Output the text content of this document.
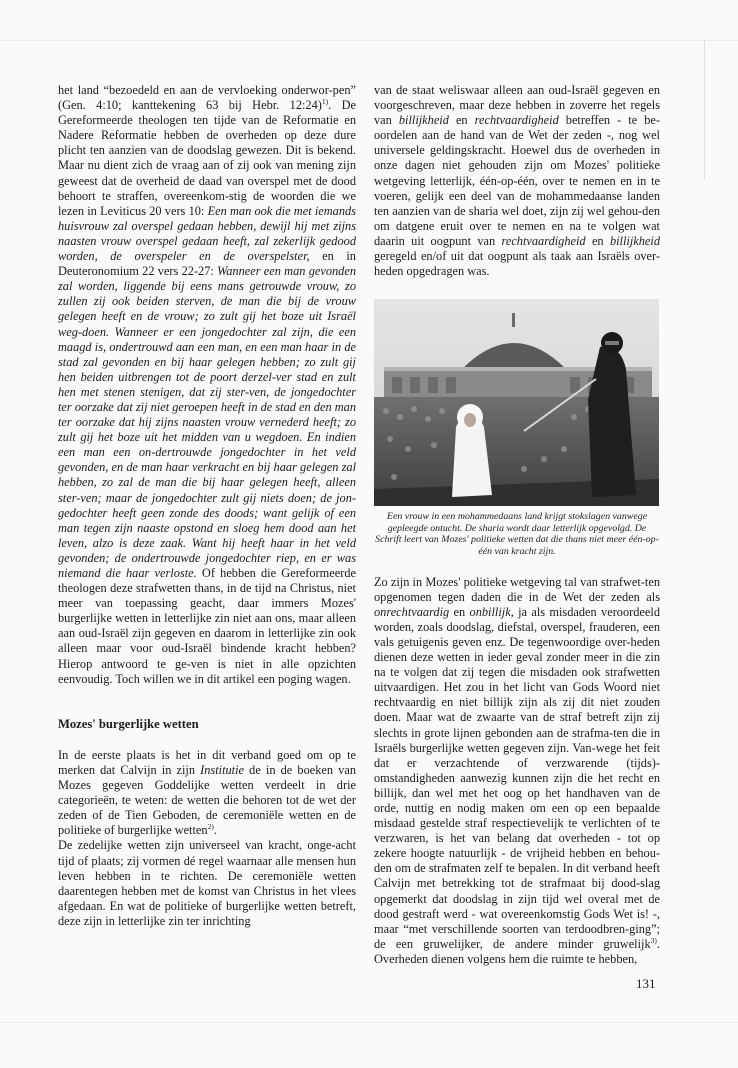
het land “bezoedeld en aan de vervloeking onderwor-pen” (Gen. 4:10; kanttekening 63 bij Hebr. 12:24)$^{1)}$. De Gereformeerde theologen ten tijde van de Reformatie en Nadere Reformatie hebben de overheden op deze dure plicht ten aanzien van de doodslag gewezen. Dit is bekend. Maar nu dient zich de vraag aan of zij ook van mening zijn geweest dat de overheid de daad van overspel met de dood behoort te straffen, overeenkom-stig de woorden die we lezen in Leviticus 20 vers 10: Een man ook die met iemands huisvrouw zal overspel gedaan hebben, dewijl hij met zijns naasten vrouw overspel gedaan heeft, zal zekerlijk gedood worden, de overspeler en de overspelster, en in Deuteronomium 22 vers 22-27: Wanneer een man gevonden zal worden, liggende bij eens mans getrouwde vrouw, zo zullen zij ook beiden sterven, de man die bij de vrouw gelegen heeft en de vrouw; zo zult gij het boze uit Israël weg-doen. Wanneer er een jongedochter zal zijn, die een maagd is, ondertrouwd aan een man, en een man haar in de stad zal gevonden en bij haar gelegen hebben; zo zult gij hen beiden uitbrengen tot de poort derzel-ver stad en zult hen met stenen stenigen, dat zij ster-ven, de jongedochter ter oorzake dat zij niet geroepen heeft in de stad en den man ter oorzake dat hij zijns naasten vrouw vernederd heeft; zo zult gij het boze uit het midden van u wegdoen. En indien een man een on-dertrouwde jongedochter in het veld gevonden, en de man haar verkracht en bij haar gelegen zal hebben, zo zal de man die bij haar gelegen heeft, alleen ster-ven; maar de jongedochter zult gij niets doen; de jon-gedochter heeft geen zonde des doods; want gelijk of een man tegen zijn naaste opstond en sloeg hem dood aan het leven, alzo is deze zaak. Want hij heeft haar in het veld gevonden; de ondertrouwde jongedochter riep, en er was niemand die haar verloste. Of hebben die Gereformeerde theologen deze strafwetten thans, in de tijd na Christus, niet meer van toepassing geacht, daar immers Mozes' burgerlijke wetten in letterlijke zin niet aan ons, maar alleen aan oud-Israël zijn gegeven en daarom in letterlijke zin ook alleen maar voor oud-Israël bindende kracht hebben? Hierop antwoord te ge-ven is niet in alle opzichten eenvoudig. Toch willen we in dit artikel een poging wagen.

Mozes' burgerlijke wetten

In de eerste plaats is het in dit verband goed om op te merken dat Calvijn in zijn Institutie de in de boeken van Mozes gegeven Goddelijke wetten verdeelt in drie categorieën, te weten: de wetten die behoren tot de wet der zeden of de Tien Geboden, de ceremoniële wetten en de politieke of burgerlijke wetten$^{2)}$.

De zedelijke wetten zijn universeel van kracht, onge-acht tijd of plaats; zij vormen dé regel waarnaar alle mensen hun leven hebben in te richten. De ceremoniële wetten daarentegen hebben met de komst van Christus in het vlees afgedaan. En wat de politieke of burgerlijke wetten betreft, deze zijn in letterlijke zin ter inrichting

van de staat weliswaar alleen aan oud-Israël gegeven en voorgeschreven, maar deze hebben in zoverre het regels van billijkheid en rechtvaardigheid betreffen - te be-oordelen aan de hand van de Wet der zeden -, nog wel universele geldingskracht. Hoewel dus de overheden in onze dagen niet gehouden zijn om Mozes' politieke wetgeving letterlijk, één-op-één, over te nemen en in te voeren, gelijk een deel van de mohammedaanse landen ten aanzien van de sharia wel doet, zijn zij wel gehou-den om datgene eruit over te nemen en na te volgen wat daarin uit oogpunt van rechtvaardigheid en billijkheid geregeld en/of uit dat oogpunt als taak aan Israëls over-heden opgedragen was.

Een vrouw in een mohammedaans land krijgt stokslagen vanwege gepleegde ontucht. De sharia wordt daar letterlijk opgevolgd. De Schrift leert van Mozes' politieke wetten dat die thans niet meer één-op-één van kracht zijn.

Zo zijn in Mozes' politieke wetgeving tal van strafwet-ten opgenomen tegen daden die in de Wet der zeden als onrechtvaardig en onbillijk, ja als misdaden veroordeeld worden, zoals doodslag, diefstal, overspel, frauderen, een vals getuigenis geven enz. De tegenwoordige over-heden dienen deze wetten in ieder geval zonder meer in die zin na te volgen dat zij tegen die misdaden ook strafwetten uitvaardigen. Het zou in het licht van Gods Woord niet rechtvaardig en niet billijk zijn als zij dit niet zouden doen. Maar wat de zwaarte van de straf betreft zijn zij slechts in grote lijnen gebonden aan de strafma-ten die in Israëls burgerlijke wetten gegeven zijn. Van-wege het feit dat er verzachtende of verzwarende (tijds)-omstandigheden aanwezig kunnen zijn die het recht en billijk, dan wel met het oog op het handhaven van de orde, nuttig en nodig maken om een op een bepaalde misdaad gestelde straf respectievelijk te verlichten of te verzwaren, is het van belang dat overheden - tot op zekere hoogte natuurlijk - de vrijheid hebben en behou-den om de strafmaten zelf te bepalen. In dit verband heeft Calvijn met betrekking tot de strafmaat bij dood-slag opgemerkt dat doodslag in zijn tijd wel overal met de dood gestraft werd - wat overeenkomstig Gods Wet is! -, maar “met verschillende soorten van terdoodbren-ging”; de een gruwelijker, de andere minder gruwelijk$^{3)}$. Overheden dienen volgens hem die ruimte te hebben,

131
